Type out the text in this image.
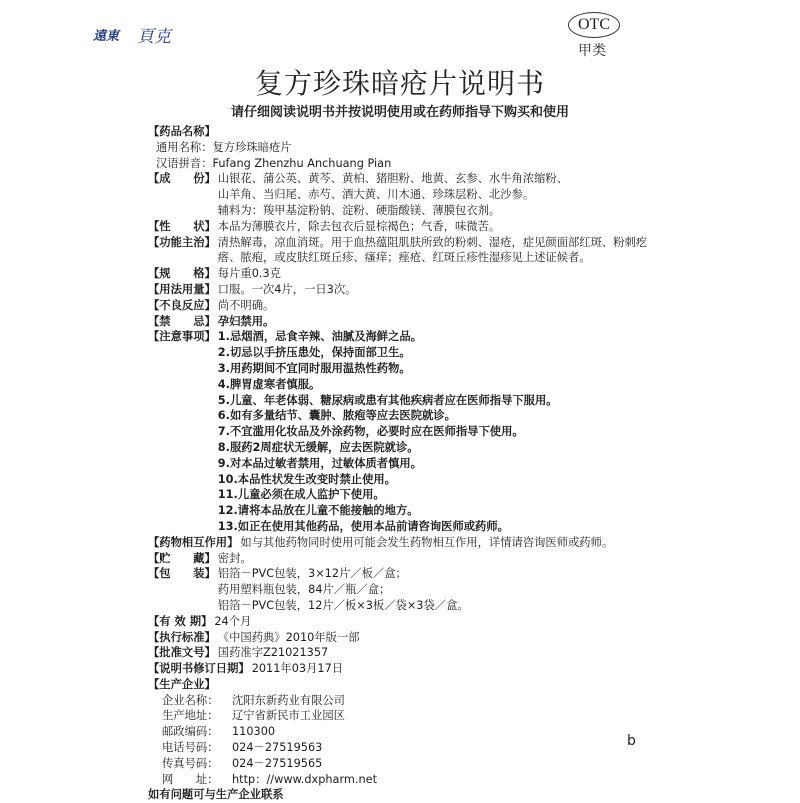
遠東 頁克
OTC
甲类
复方珍珠暗疮片说明书
请仔细阅读说明书并按说明使用或在药师指导下购买和使用
【药品名称】
通用名称： 复方珍珠暗疮片
汉语拼音： Fufang Zhenzhu Anchuang Pian
【成　　份】 山银花、蒲公英、黄芩、黄柏、猪胆粉、地黄、玄参、水牛角浓缩粉、
山羊角、当归尾、赤芍、酒大黄、川木通、珍珠层粉、北沙参。
辅料为：羧甲基淀粉钠、淀粉、硬脂酸镁、薄膜包衣剂。
【性　　状】 本品为薄膜衣片，除去包衣后显棕褐色；气香，味微苦。
【功能主治】 清热解毒，凉血消斑。用于血热蕴阻肌肤所致的粉刺、湿疮，症见颜面部红斑、粉刺疙瘩、脓疱，或皮肤红斑丘疹、瘙痒；痤疮、红斑丘疹性湿疹见上述证候者。
【规　　格】 每片重0.3克
【用法用量】 口服。一次4片，一日3次。
【不良反应】 尚不明确。
【禁　　忌】 孕妇禁用。
【注意事项】 1.忌烟酒，忌食辛辣、油腻及海鲜之品。
2.切忌以手挤压患处，保持面部卫生。
3.用药期间不宜同时服用温热性药物。
4.脾胃虚寒者慎服。
5.儿童、年老体弱、糖尿病或患有其他疾病者应在医师指导下服用。
6.如有多量结节、囊肿、脓疱等应去医院就诊。
7.不宜滥用化妆品及外涂药物，必要时应在医师指导下使用。
8.服药2周症状无缓解，应去医院就诊。
9.对本品过敏者禁用，过敏体质者慎用。
10.本品性状发生改变时禁止使用。
11.儿童必须在成人监护下使用。
12.请将本品放在儿童不能接触的地方。
13.如正在使用其他药品，使用本品前请咨询医师或药师。
【药物相互作用】 如与其他药物同时使用可能会发生药物相互作用，详情请咨询医师或药师。
【贮　　藏】 密封。
【包　　装】 铝箔－PVC包装，3×12片／板／盒；
药用塑料瓶包装，84片／瓶／盒；
铝箔－PVC包装，12片／板×3板／袋×3袋／盒。
【有 效 期】 24个月
【执行标准】 《中国药典》2010年版一部
【批准文号】 国药准字Z21021357
【说明书修订日期】 2011年03月17日
【生产企业】
企业名称：	沈阳东新药业有限公司
生产地址：	辽宁省新民市工业园区
邮政编码：	110300
电话号码：	024－27519563
传真号码：	024－27519565
网　　址：	http：//www.dxpharm.net
如有问题可与生产企业联系
b
